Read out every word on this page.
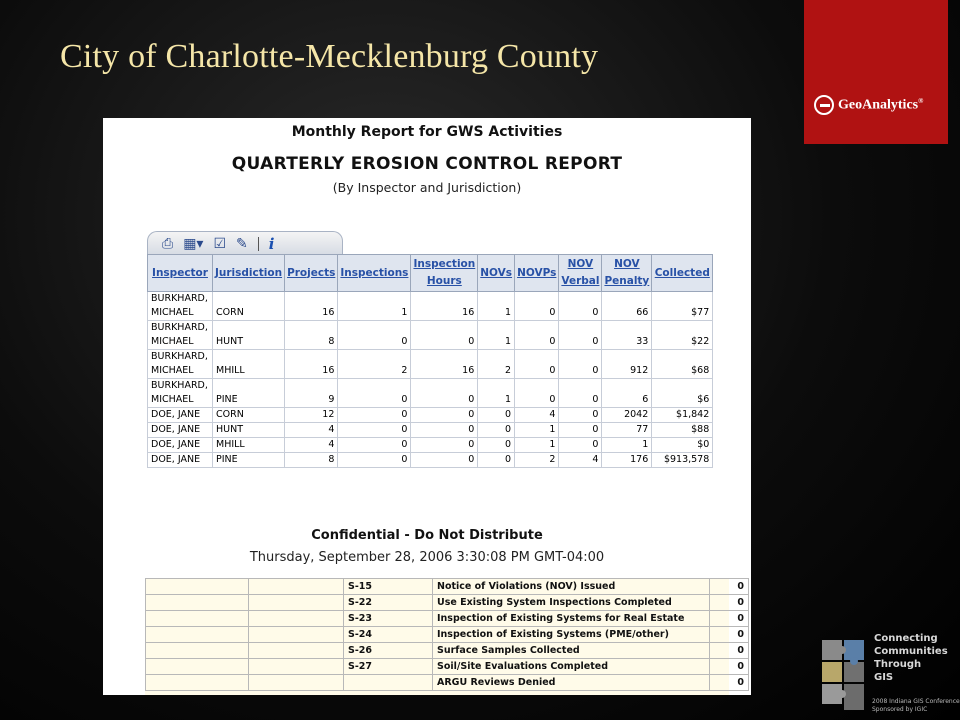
City of Charlotte-Mecklenburg County
GeoAnalytics®
Monthly Report for GWS Activities
QUARTERLY EROSION CONTROL REPORT
(By Inspector and Jurisdiction)
⎙ ▦▾ ☑ ✎ i
Inspector	Jurisdiction	Projects	Inspections	Inspection Hours	NOVs	NOVPs	NOV Verbal	NOV Penalty	Collected
BURKHARD, MICHAEL	CORN	16	1	16	1	0	0	66	$77
BURKHARD, MICHAEL	HUNT	8	0	0	1	0	0	33	$22
BURKHARD, MICHAEL	MHILL	16	2	16	2	0	0	912	$68
BURKHARD, MICHAEL	PINE	9	0	0	1	0	0	6	$6
DOE, JANE	CORN	12	0	0	0	4	0	2042	$1,842
DOE, JANE	HUNT	4	0	0	0	1	0	77	$88
DOE, JANE	MHILL	4	0	0	0	1	0	1	$0
DOE, JANE	PINE	8	0	0	0	2	4	176	$913,578
Confidential - Do Not Distribute
Thursday, September 28, 2006 3:30:08 PM GMT-04:00
		S-15	Notice of Violations (NOV) Issued	0
		S-22	Use Existing System Inspections Completed	0
		S-23	Inspection of Existing Systems for Real Estate	0
		S-24	Inspection of Existing Systems (PME/other)	0
		S-26	Surface Samples Collected	0
		S-27	Soil/Site Evaluations Completed	0
			ARGU Reviews Denied	0
Connecting
Communities
Through
GIS
2008 Indiana GIS Conference
Sponsored by IGIC
